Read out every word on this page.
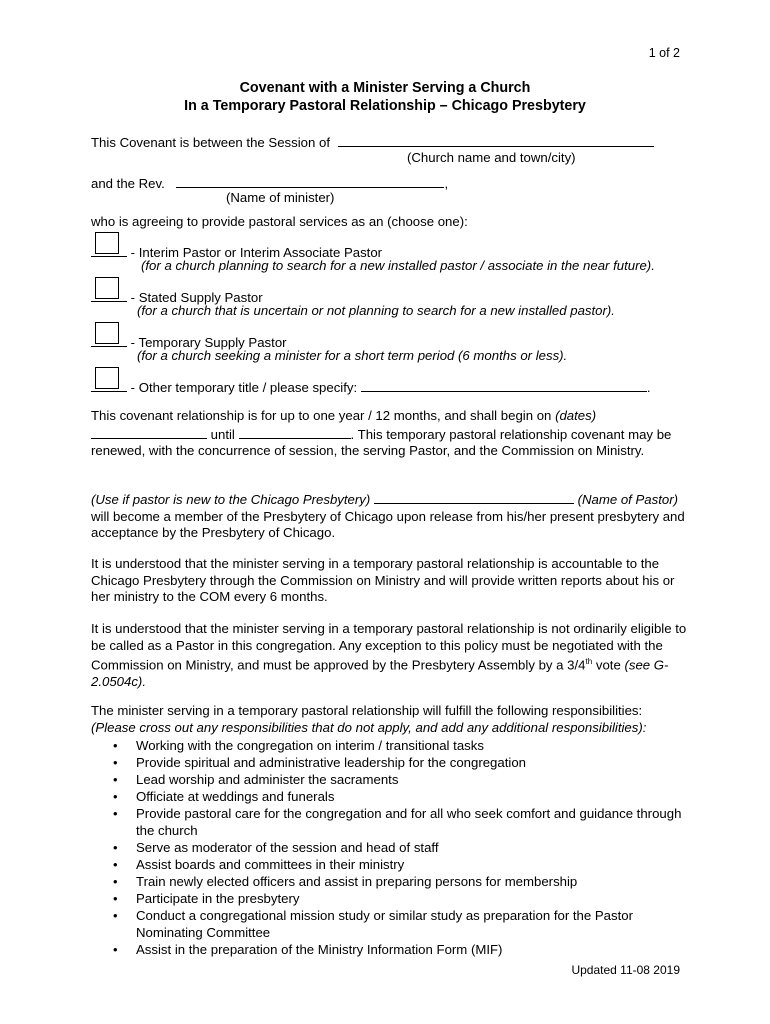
1 of 2
Covenant with a Minister Serving a Church
In a Temporary Pastoral Relationship – Chicago Presbytery
This Covenant is between the Session of
(Church name and town/city)
and the Rev.	,
(Name of minister)
who is agreeing to provide pastoral services as an (choose one):
- Interim Pastor or Interim Associate Pastor
(for a church planning to search for a new installed pastor / associate in the near future).
- Stated Supply Pastor
(for a church that is uncertain or not planning to search for a new installed pastor).
- Temporary Supply Pastor
(for a church seeking a minister for a short term period (6 months or less).
- Other temporary title / please specify:	.
This covenant relationship is for up to one year / 12 months, and shall begin on (dates)
until	. This temporary pastoral relationship covenant may be renewed, with the concurrence of session, the serving Pastor, and the Commission on Ministry.
(Use if pastor is new to the Chicago Presbytery)	(Name of Pastor) will become a member of the Presbytery of Chicago upon release from his/her present presbytery and acceptance by the Presbytery of Chicago.
It is understood that the minister serving in a temporary pastoral relationship is accountable to the Chicago Presbytery through the Commission on Ministry and will provide written reports about his or her ministry to the COM every 6 months.
It is understood that the minister serving in a temporary pastoral relationship is not ordinarily eligible to be called as a Pastor in this congregation. Any exception to this policy must be negotiated with the Commission on Ministry, and must be approved by the Presbytery Assembly by a 3/4th vote (see G-2.0504c).
The minister serving in a temporary pastoral relationship will fulfill the following responsibilities:
(Please cross out any responsibilities that do not apply, and add any additional responsibilities):
• Working with the congregation on interim / transitional tasks
• Provide spiritual and administrative leadership for the congregation
• Lead worship and administer the sacraments
• Officiate at weddings and funerals
• Provide pastoral care for the congregation and for all who seek comfort and guidance through the church
• Serve as moderator of the session and head of staff
• Assist boards and committees in their ministry
• Train newly elected officers and assist in preparing persons for membership
• Participate in the presbytery
• Conduct a congregational mission study or similar study as preparation for the Pastor Nominating Committee
• Assist in the preparation of the Ministry Information Form (MIF)
Updated 11-08 2019
